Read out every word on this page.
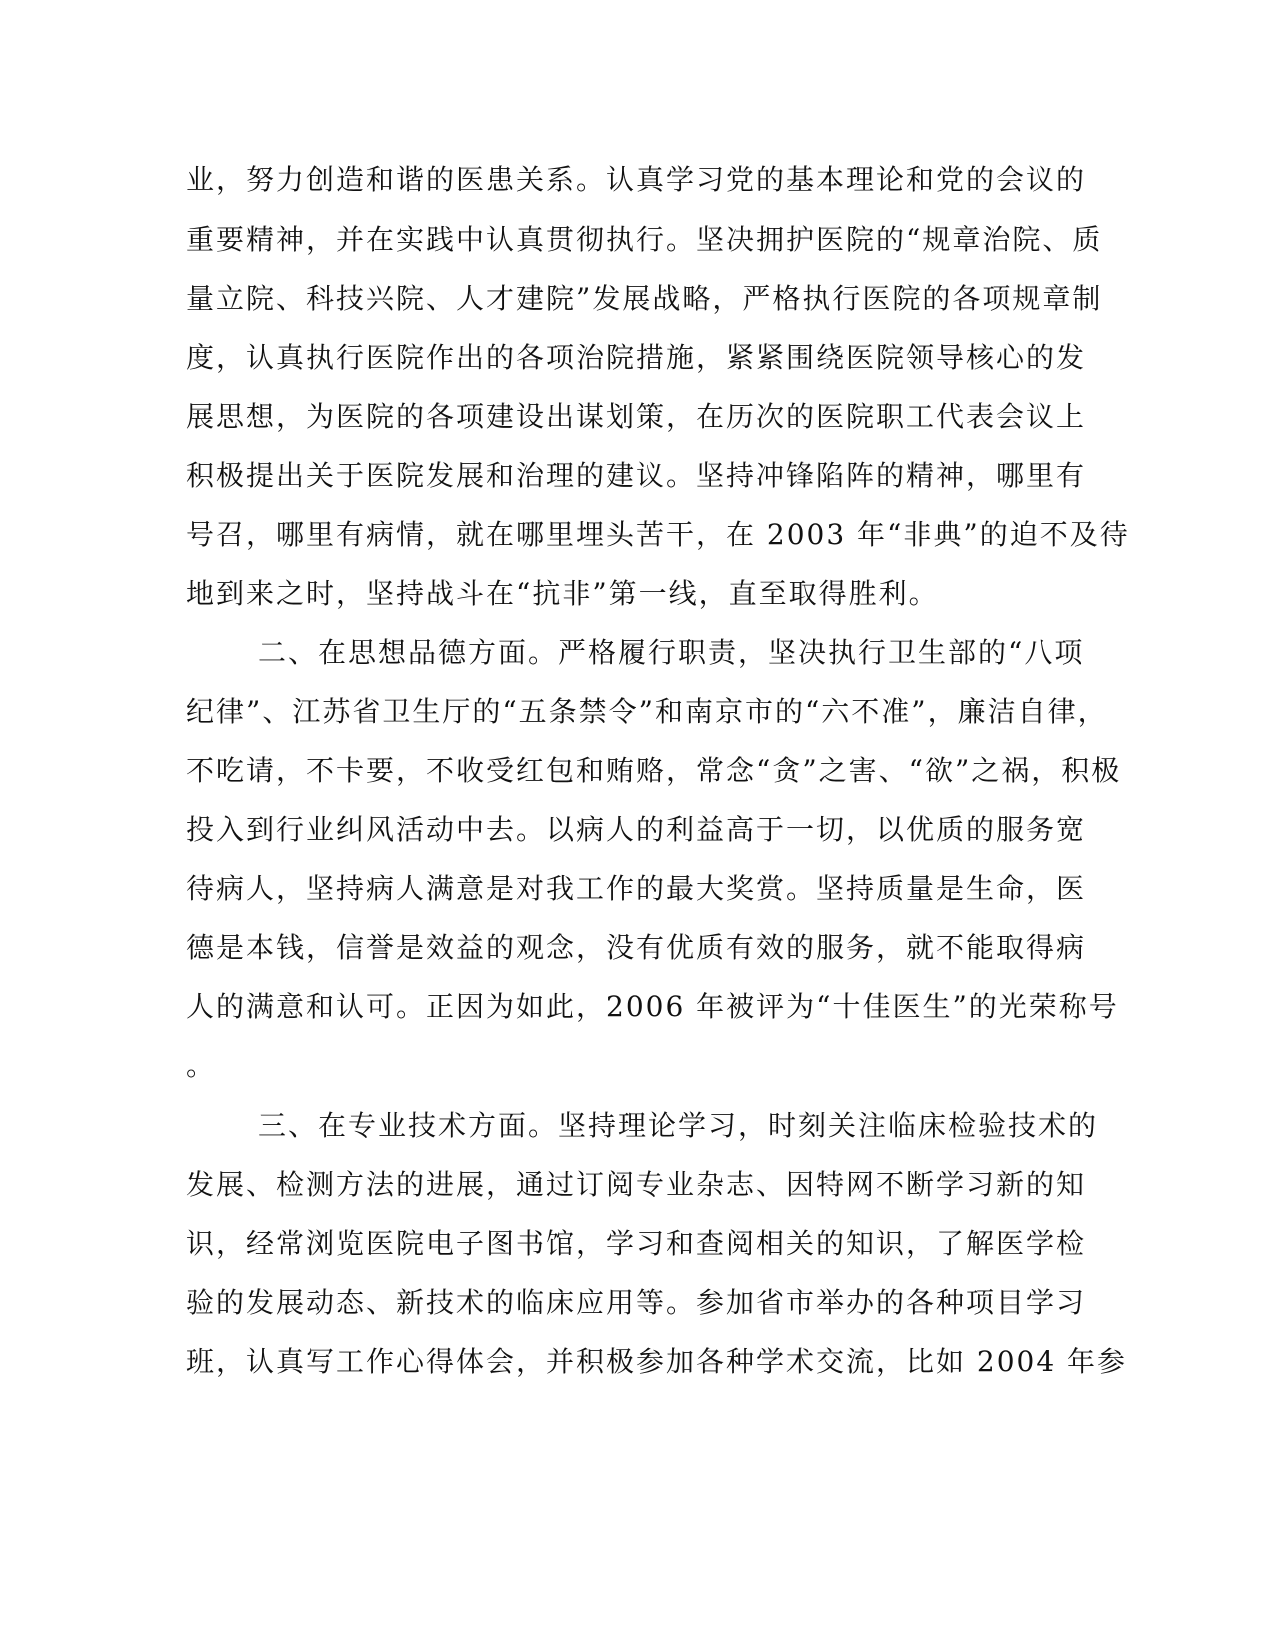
业，努力创造和谐的医患关系。认真学习党的基本理论和党的会议的
重要精神，并在实践中认真贯彻执行。坚决拥护医院的“规章治院、质
量立院、科技兴院、人才建院”发展战略，严格执行医院的各项规章制
度，认真执行医院作出的各项治院措施，紧紧围绕医院领导核心的发
展思想，为医院的各项建设出谋划策，在历次的医院职工代表会议上
积极提出关于医院发展和治理的建议。坚持冲锋陷阵的精神，哪里有
号召，哪里有病情，就在哪里埋头苦干，在 2003 年“非典”的迫不及待
地到来之时，坚持战斗在“抗非”第一线，直至取得胜利。
二、在思想品德方面。严格履行职责，坚决执行卫生部的“八项
纪律”、江苏省卫生厅的“五条禁令”和南京市的“六不准”，廉洁自律，
不吃请，不卡要，不收受红包和贿赂，常念“贪”之害、“欲”之祸，积极
投入到行业纠风活动中去。以病人的利益高于一切，以优质的服务宽
待病人，坚持病人满意是对我工作的最大奖赏。坚持质量是生命，医
德是本钱，信誉是效益的观念，没有优质有效的服务，就不能取得病
人的满意和认可。正因为如此，2006 年被评为“十佳医生”的光荣称号
。
三、在专业技术方面。坚持理论学习，时刻关注临床检验技术的
发展、检测方法的进展，通过订阅专业杂志、因特网不断学习新的知
识，经常浏览医院电子图书馆，学习和查阅相关的知识，了解医学检
验的发展动态、新技术的临床应用等。参加省市举办的各种项目学习
班，认真写工作心得体会，并积极参加各种学术交流，比如 2004 年参
